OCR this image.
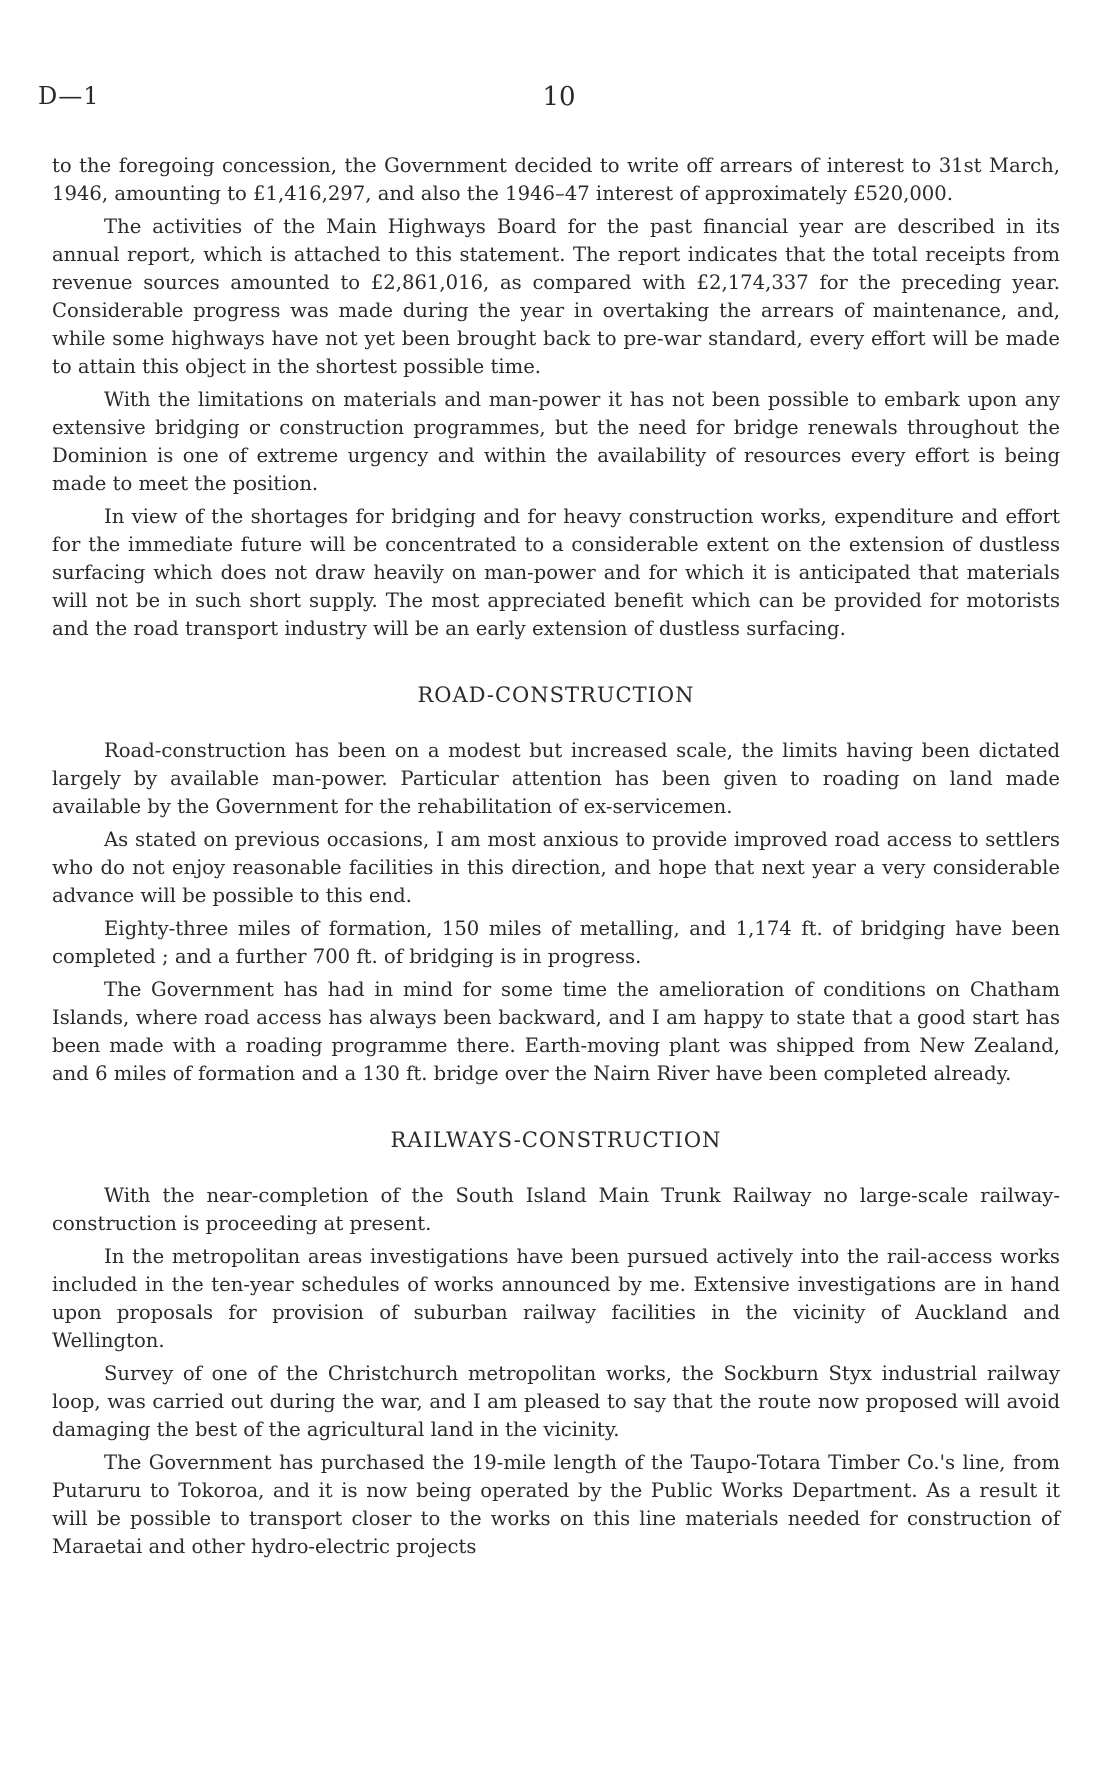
D—1	10

to the foregoing concession, the Government decided to write off arrears of interest to 31st March, 1946, amounting to £1,416,297, and also the 1946–47 interest of approximately £520,000.

The activities of the Main Highways Board for the past financial year are described in its annual report, which is attached to this statement. The report indicates that the total receipts from revenue sources amounted to £2,861,016, as compared with £2,174,337 for the preceding year. Considerable progress was made during the year in overtaking the arrears of maintenance, and, while some highways have not yet been brought back to pre-war standard, every effort will be made to attain this object in the shortest possible time.

With the limitations on materials and man-power it has not been possible to embark upon any extensive bridging or construction programmes, but the need for bridge renewals throughout the Dominion is one of extreme urgency and within the availability of resources every effort is being made to meet the position.

In view of the shortages for bridging and for heavy construction works, expenditure and effort for the immediate future will be concentrated to a considerable extent on the extension of dustless surfacing which does not draw heavily on man-power and for which it is anticipated that materials will not be in such short supply. The most appreciated benefit which can be provided for motorists and the road transport industry will be an early extension of dustless surfacing.

ROAD-CONSTRUCTION

Road-construction has been on a modest but increased scale, the limits having been dictated largely by available man-power. Particular attention has been given to roading on land made available by the Government for the rehabilitation of ex-servicemen.

As stated on previous occasions, I am most anxious to provide improved road access to settlers who do not enjoy reasonable facilities in this direction, and hope that next year a very considerable advance will be possible to this end.

Eighty-three miles of formation, 150 miles of metalling, and 1,174 ft. of bridging have been completed ; and a further 700 ft. of bridging is in progress.

The Government has had in mind for some time the amelioration of conditions on Chatham Islands, where road access has always been backward, and I am happy to state that a good start has been made with a roading programme there. Earth-moving plant was shipped from New Zealand, and 6 miles of formation and a 130 ft. bridge over the Nairn River have been completed already.

RAILWAYS-CONSTRUCTION

With the near-completion of the South Island Main Trunk Railway no large-scale railway-construction is proceeding at present.

In the metropolitan areas investigations have been pursued actively into the rail-access works included in the ten-year schedules of works announced by me. Extensive investigations are in hand upon proposals for provision of suburban railway facilities in the vicinity of Auckland and Wellington.

Survey of one of the Christchurch metropolitan works, the Sockburn Styx industrial railway loop, was carried out during the war, and I am pleased to say that the route now proposed will avoid damaging the best of the agricultural land in the vicinity.

The Government has purchased the 19-mile length of the Taupo-Totara Timber Co.'s line, from Putaruru to Tokoroa, and it is now being operated by the Public Works Department. As a result it will be possible to transport closer to the works on this line materials needed for construction of Maraetai and other hydro-electric projects
